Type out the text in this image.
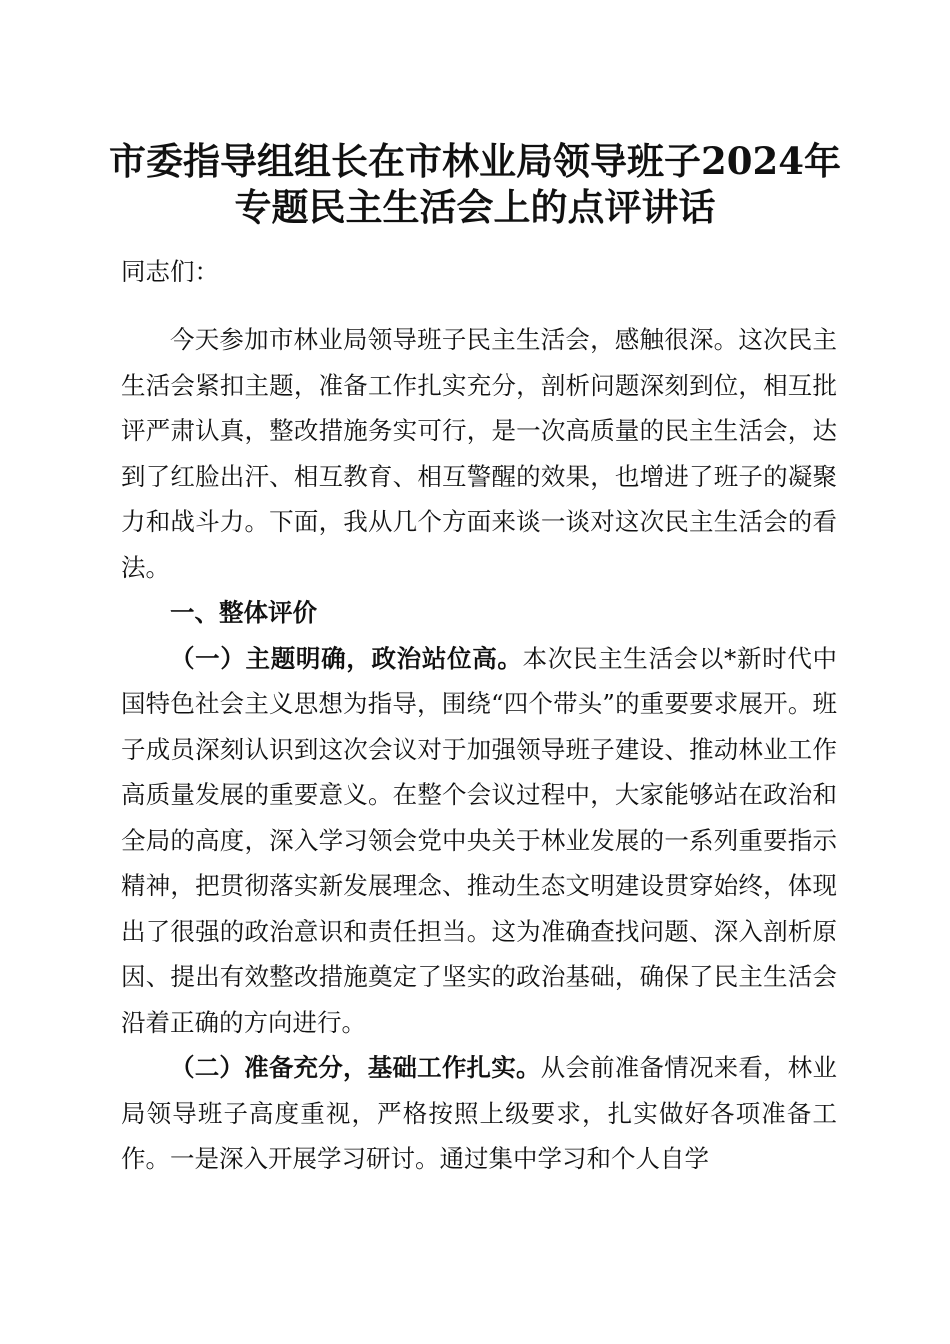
市委指导组组长在市林业局领导班子2024年
专题民主生活会上的点评讲话
同志们：

今天参加市林业局领导班子民主生活会，感触很深。这次民主生活会紧扣主题，准备工作扎实充分，剖析问题深刻到位，相互批评严肃认真，整改措施务实可行，是一次高质量的民主生活会，达到了红脸出汗、相互教育、相互警醒的效果，也增进了班子的凝聚力和战斗力。下面，我从几个方面来谈一谈对这次民主生活会的看法。

一、整体评价

（一）主题明确，政治站位高。本次民主生活会以*新时代中国特色社会主义思想为指导，围绕“四个带头”的重要要求展开。班子成员深刻认识到这次会议对于加强领导班子建设、推动林业工作高质量发展的重要意义。在整个会议过程中，大家能够站在政治和全局的高度，深入学习领会党中央关于林业发展的一系列重要指示精神，把贯彻落实新发展理念、推动生态文明建设贯穿始终，体现出了很强的政治意识和责任担当。这为准确查找问题、深入剖析原因、提出有效整改措施奠定了坚实的政治基础，确保了民主生活会沿着正确的方向进行。

（二）准备充分，基础工作扎实。从会前准备情况来看，林业局领导班子高度重视，严格按照上级要求，扎实做好各项准备工作。一是深入开展学习研讨。通过集中学习和个人自学
